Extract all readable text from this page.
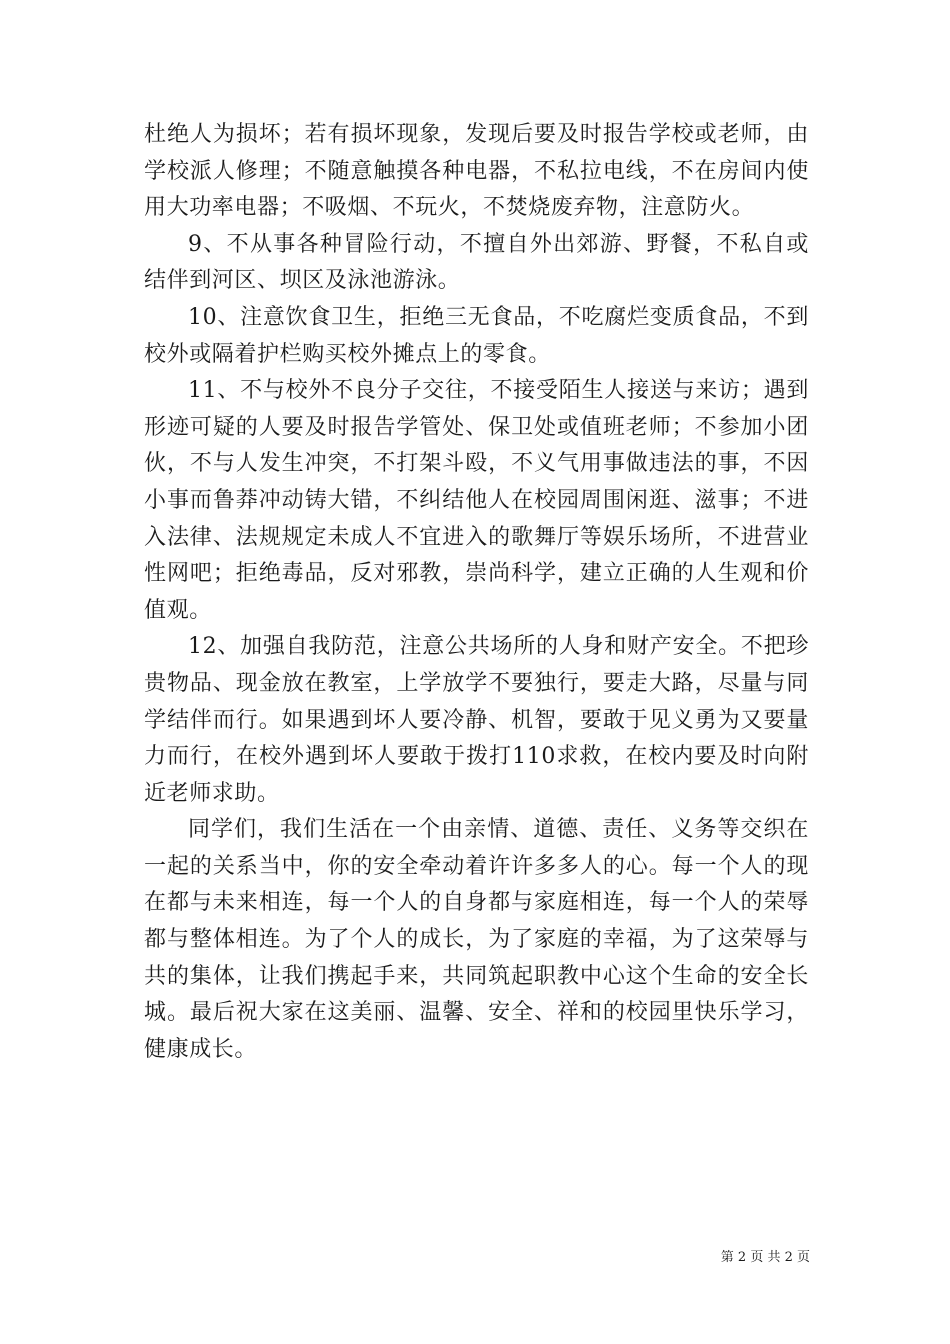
杜绝人为损坏；若有损坏现象，发现后要及时报告学校或老师，由学校派人修理；不随意触摸各种电器，不私拉电线，不在房间内使用大功率电器；不吸烟、不玩火，不焚烧废弃物，注意防火。

9、不从事各种冒险行动，不擅自外出郊游、野餐，不私自或结伴到河区、坝区及泳池游泳。

10、注意饮食卫生，拒绝三无食品，不吃腐烂变质食品，不到校外或隔着护栏购买校外摊点上的零食。

11、不与校外不良分子交往，不接受陌生人接送与来访；遇到形迹可疑的人要及时报告学管处、保卫处或值班老师；不参加小团伙，不与人发生冲突，不打架斗殴，不义气用事做违法的事，不因小事而鲁莽冲动铸大错，不纠结他人在校园周围闲逛、滋事；不进入法律、法规规定未成人不宜进入的歌舞厅等娱乐场所，不进营业性网吧；拒绝毒品，反对邪教，崇尚科学，建立正确的人生观和价值观。

12、加强自我防范，注意公共场所的人身和财产安全。不把珍贵物品、现金放在教室，上学放学不要独行，要走大路，尽量与同学结伴而行。如果遇到坏人要冷静、机智，要敢于见义勇为又要量力而行，在校外遇到坏人要敢于拨打110求救，在校内要及时向附近老师求助。

同学们，我们生活在一个由亲情、道德、责任、义务等交织在一起的关系当中，你的安全牵动着许许多多人的心。每一个人的现在都与未来相连，每一个人的自身都与家庭相连，每一个人的荣辱都与整体相连。为了个人的成长，为了家庭的幸福，为了这荣辱与共的集体，让我们携起手来，共同筑起职教中心这个生命的安全长城。最后祝大家在这美丽、温馨、安全、祥和的校园里快乐学习，健康成长。

第 2 页 共 2 页
